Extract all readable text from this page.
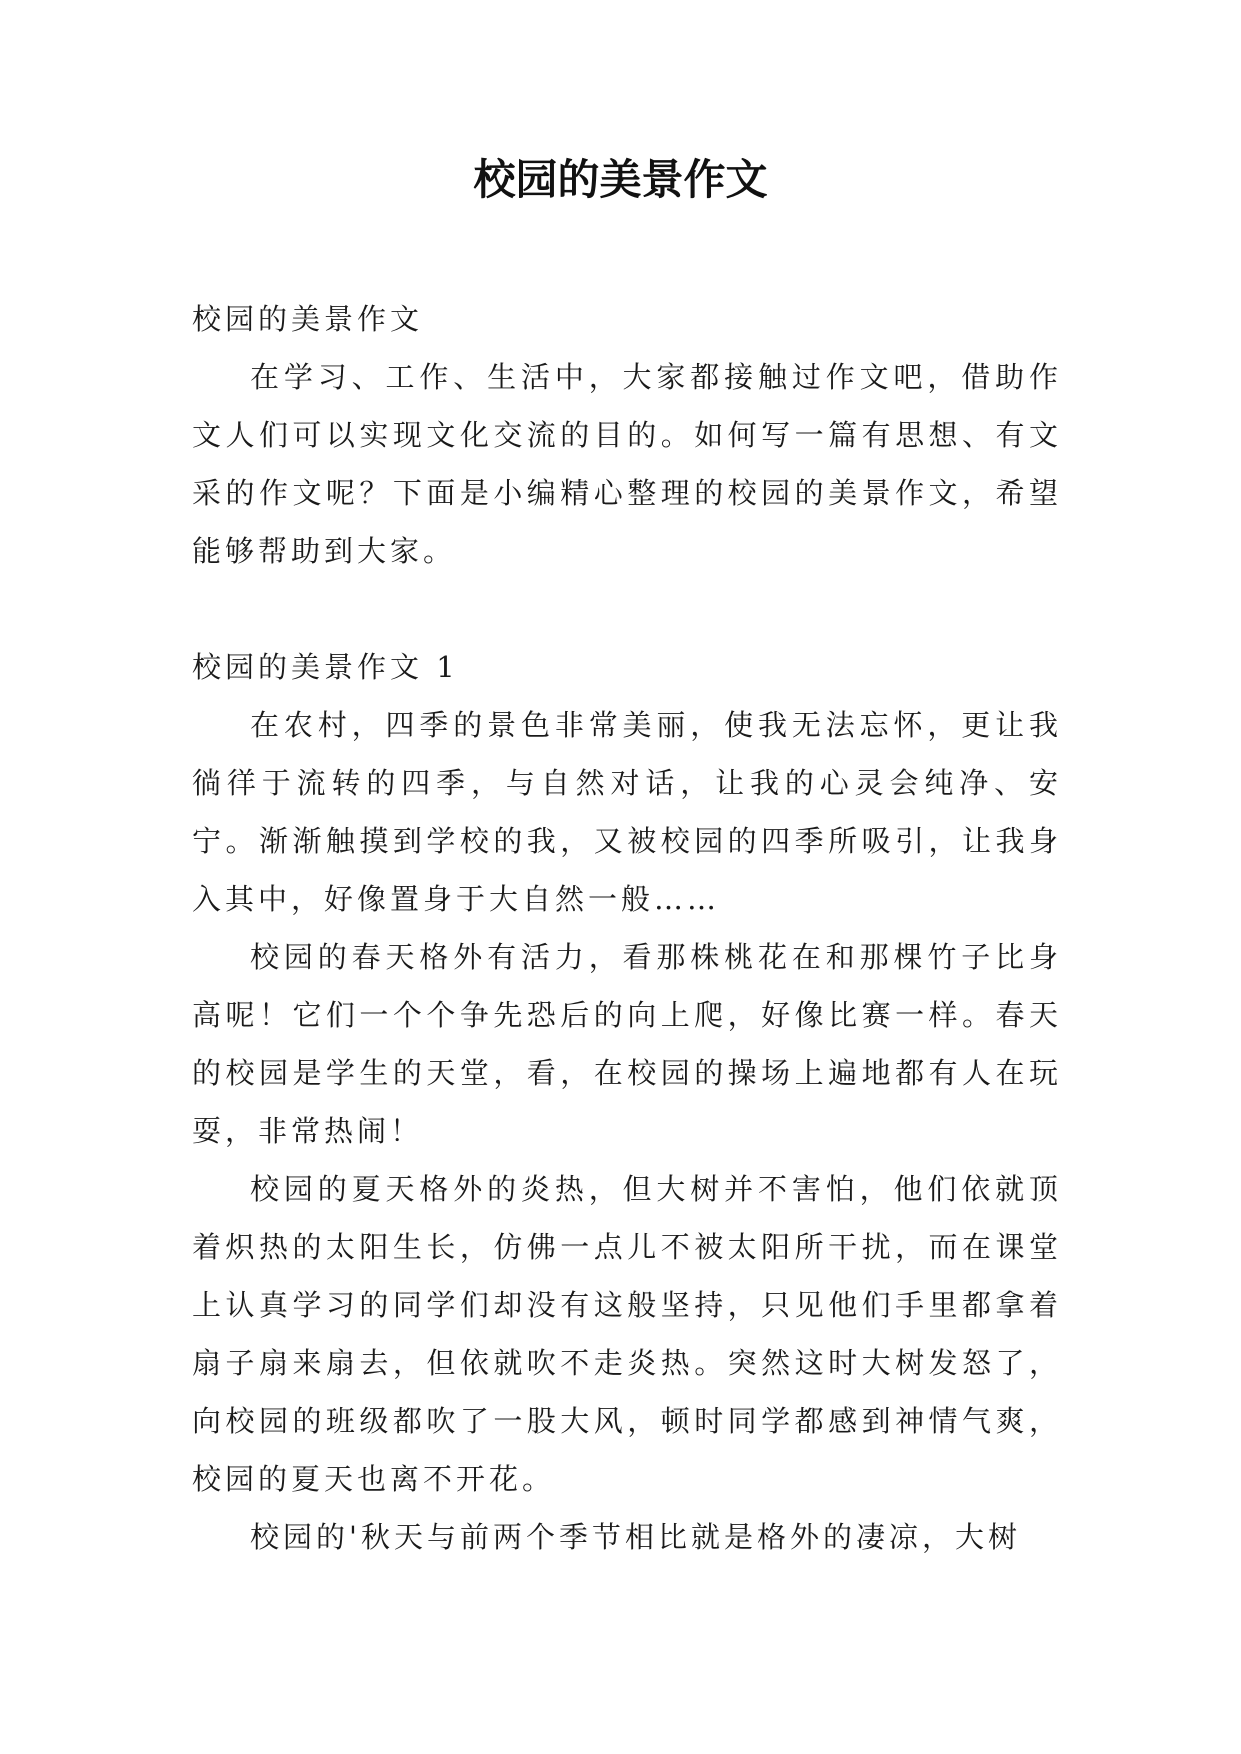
校园的美景作文

校园的美景作文

在学习、工作、生活中，大家都接触过作文吧，借助作文人们可以实现文化交流的目的。如何写一篇有思想、有文采的作文呢？下面是小编精心整理的校园的美景作文，希望能够帮助到大家。

校园的美景作文 1

在农村，四季的景色非常美丽，使我无法忘怀，更让我徜徉于流转的四季，与自然对话，让我的心灵会纯净、安宁。渐渐触摸到学校的我，又被校园的四季所吸引，让我身入其中，好像置身于大自然一般……

校园的春天格外有活力，看那株桃花在和那棵竹子比身高呢！它们一个个争先恐后的向上爬，好像比赛一样。春天的校园是学生的天堂，看，在校园的操场上遍地都有人在玩耍，非常热闹！

校园的夏天格外的炎热，但大树并不害怕，他们依就顶着炽热的太阳生长，仿佛一点儿不被太阳所干扰，而在课堂上认真学习的同学们却没有这般坚持，只见他们手里都拿着扇子扇来扇去，但依就吹不走炎热。突然这时大树发怒了，向校园的班级都吹了一股大风，顿时同学都感到神情气爽，校园的夏天也离不开花。

校园的'秋天与前两个季节相比就是格外的凄凉，大树
